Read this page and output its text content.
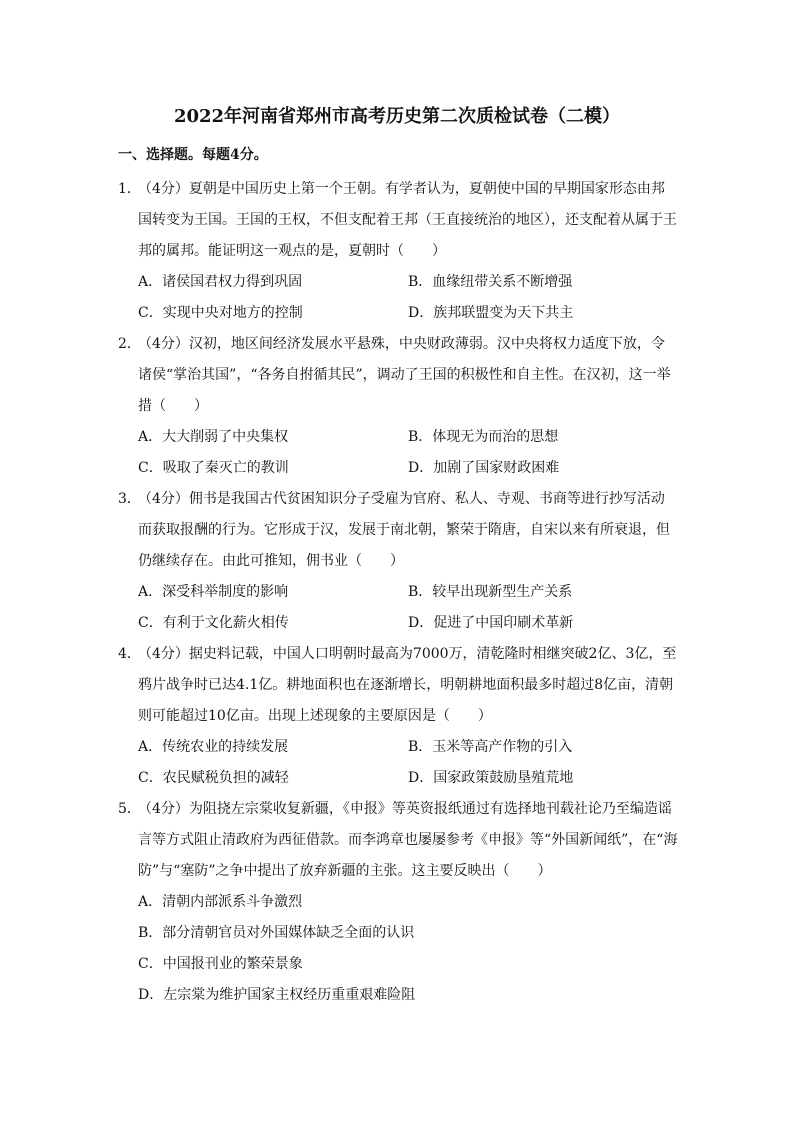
2022年河南省郑州市高考历史第二次质检试卷（二模）
一、选择题。每题4分。

1．（4分）夏朝是中国历史上第一个王朝。有学者认为，夏朝使中国的早期国家形态由邦国转变为王国。王国的王权，不但支配着王邦（王直接统治的地区），还支配着从属于王邦的属邦。能证明这一观点的是，夏朝时（　　）

A．诸侯国君权力得到巩固	B．血缘纽带关系不断增强
C．实现中央对地方的控制	D．族邦联盟变为天下共主

2．（4分）汉初，地区间经济发展水平悬殊，中央财政薄弱。汉中央将权力适度下放，令诸侯“掌治其国”，“各务自拊循其民”，调动了王国的积极性和自主性。在汉初，这一举措（　　）

A．大大削弱了中央集权	B．体现无为而治的思想
C．吸取了秦灭亡的教训	D．加剧了国家财政困难

3．（4分）佣书是我国古代贫困知识分子受雇为官府、私人、寺观、书商等进行抄写活动而获取报酬的行为。它形成于汉，发展于南北朝，繁荣于隋唐，自宋以来有所衰退，但仍继续存在。由此可推知，佣书业（　　）

A．深受科举制度的影响	B．较早出现新型生产关系
C．有利于文化薪火相传	D．促进了中国印刷术革新

4．（4分）据史料记载，中国人口明朝时最高为7000万，清乾隆时相继突破2亿、3亿，至鸦片战争时已达4.1亿。耕地面积也在逐渐增长，明朝耕地面积最多时超过8亿亩，清朝则可能超过10亿亩。出现上述现象的主要原因是（　　）

A．传统农业的持续发展	B．玉米等高产作物的引入
C．农民赋税负担的减轻	D．国家政策鼓励垦殖荒地

5．（4分）为阻挠左宗棠收复新疆，《申报》等英资报纸通过有选择地刊载社论乃至编造谣言等方式阻止清政府为西征借款。而李鸿章也屡屡参考《申报》等“外国新闻纸”，在“海防”与“塞防”之争中提出了放弃新疆的主张。这主要反映出（　　）

A．清朝内部派系斗争激烈
B．部分清朝官员对外国媒体缺乏全面的认识
C．中国报刊业的繁荣景象
D．左宗棠为维护国家主权经历重重艰难险阻
